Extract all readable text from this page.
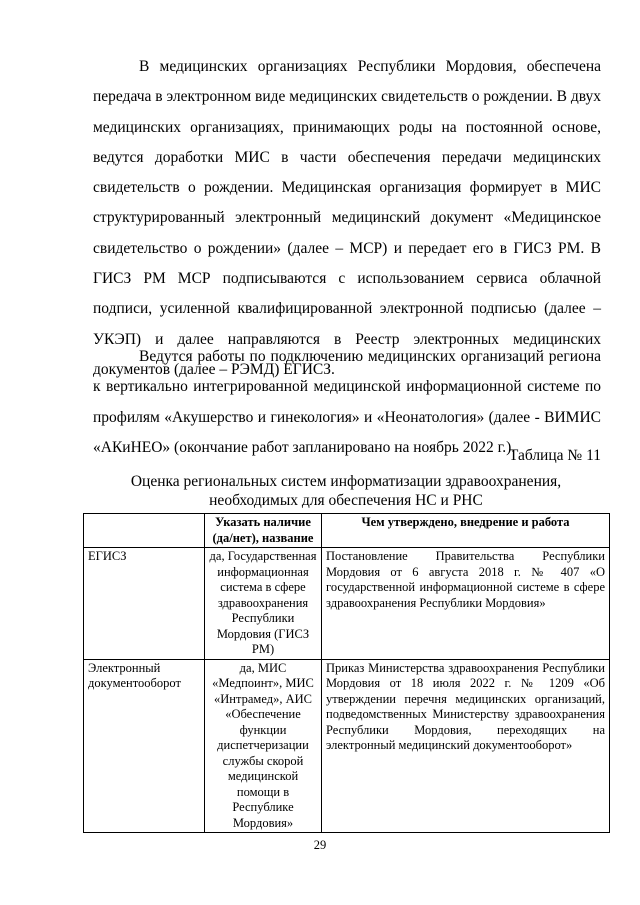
В медицинских организациях Республики Мордовия, обеспечена передача в электронном виде медицинских свидетельств о рождении. В двух медицинских организациях, принимающих роды на постоянной основе, ведутся доработки МИС в части обеспечения передачи медицинских свидетельств о рождении. Медицинская организация формирует в МИС структурированный электронный медицинский документ «Медицинское свидетельство о рождении» (далее – МСР) и передает его в ГИСЗ РМ. В ГИСЗ РМ МСР подписываются с использованием сервиса облачной подписи, усиленной квалифицированной электронной подписью (далее – УКЭП) и далее направляются в Реестр электронных медицинских документов (далее – РЭМД) ЕГИСЗ.

Ведутся работы по подключению медицинских организаций региона к вертикально интегрированной медицинской информационной системе по профилям «Акушерство и гинекология» и «Неонатология» (далее - ВИМИС «АКиНЕО» (окончание работ запланировано на ноябрь 2022 г.).

Таблица № 11

Оценка региональных систем информатизации здравоохранения, необходимых для обеспечения НС и РНС

	Указать наличие (да/нет), название	Чем утверждено, внедрение и работа
ЕГИСЗ	да, Государственная информационная система в сфере здравоохранения Республики Мордовия (ГИСЗ РМ)	Постановление Правительства Республики Мордовия от 6 августа 2018 г. № 407 «О государственной информационной системе в сфере здравоохранения Республики Мордовия»
Электронный документооборот	да, МИС «Медпоинт», МИС «Интрамед», АИС «Обеспечение функции диспетчеризации службы скорой медицинской помощи в Республике Мордовия»	Приказ Министерства здравоохранения Республики Мордовия от 18 июля 2022 г. № 1209 «Об утверждении перечня медицинских организаций, подведомственных Министерству здравоохранения Республики Мордовия, переходящих на электронный медицинский документооборот»

29
